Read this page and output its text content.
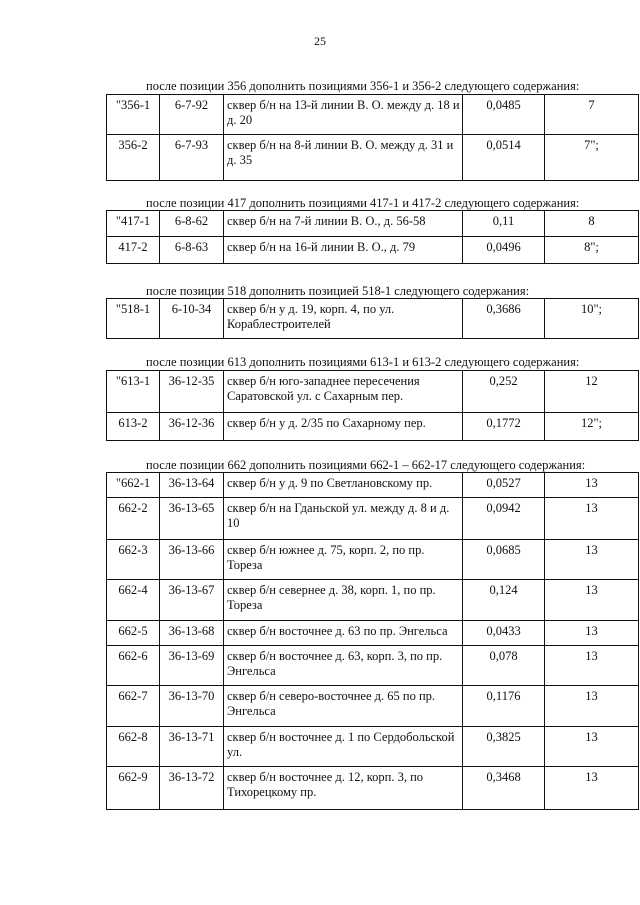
25
после позиции 356 дополнить позициями 356-1 и 356-2 следующего содержания:
"356-1	6-7-92	сквер б/н на 13-й линии В. О. между д. 18 и д. 20	0,0485	7
356-2	6-7-93	сквер б/н на 8-й линии В. О. между д. 31 и д. 35	0,0514	7";
после позиции 417 дополнить позициями 417-1 и 417-2 следующего содержания:
"417-1	6-8-62	сквер б/н на 7-й линии В. О., д. 56-58	0,11	8
417-2	6-8-63	сквер б/н на 16-й линии В. О., д. 79	0,0496	8";
после позиции 518 дополнить позицией 518-1 следующего содержания:
"518-1	6-10-34	сквер б/н у д. 19, корп. 4, по ул. Кораблестроителей	0,3686	10";
после позиции 613 дополнить позициями 613-1 и 613-2 следующего содержания:
"613-1	36-12-35	сквер б/н юго-западнее пересечения Саратовской ул. с Сахарным пер.	0,252	12
613-2	36-12-36	сквер б/н у д. 2/35 по Сахарному пер.	0,1772	12";
после позиции 662 дополнить позициями 662-1 – 662-17 следующего содержания:
"662-1	36-13-64	сквер б/н у д. 9 по Светлановскому пр.	0,0527	13
662-2	36-13-65	сквер б/н на Гданьской ул. между д. 8 и д. 10	0,0942	13
662-3	36-13-66	сквер б/н южнее д. 75, корп. 2, по пр. Тореза	0,0685	13
662-4	36-13-67	сквер б/н севернее д. 38, корп. 1, по пр. Тореза	0,124	13
662-5	36-13-68	сквер б/н восточнее д. 63 по пр. Энгельса	0,0433	13
662-6	36-13-69	сквер б/н восточнее д. 63, корп. 3, по пр. Энгельса	0,078	13
662-7	36-13-70	сквер б/н северо-восточнее д. 65 по пр. Энгельса	0,1176	13
662-8	36-13-71	сквер б/н восточнее д. 1 по Сердобольской ул.	0,3825	13
662-9	36-13-72	сквер б/н восточнее д. 12, корп. 3, по Тихорецкому пр.	0,3468	13
